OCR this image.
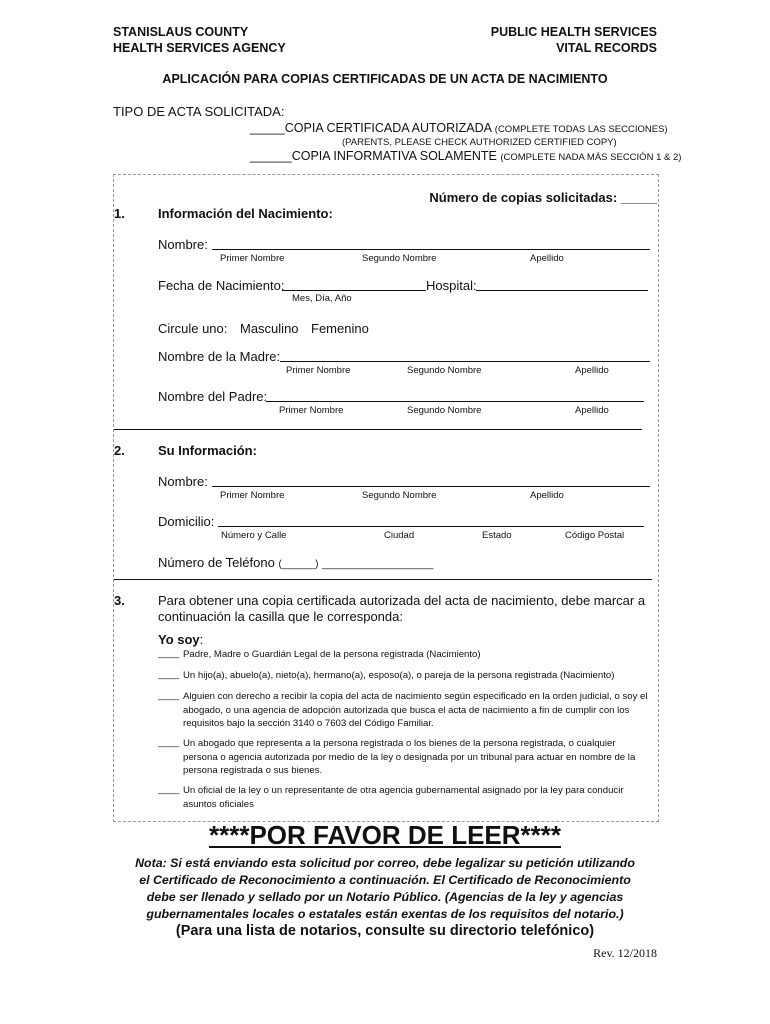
STANISLAUS COUNTY
HEALTH SERVICES AGENCY
PUBLIC HEALTH SERVICES
VITAL RECORDS
APLICACIÓN PARA COPIAS CERTIFICADAS DE UN ACTA DE NACIMIENTO
TIPO DE ACTA SOLICITADA:
_____COPIA CERTIFICADA AUTORIZADA (COMPLETE TODAS LAS SECCIONES)
(PARENTS, PLEASE CHECK AUTHORIZED CERTIFIED COPY)
______COPIA INFORMATIVA SOLAMENTE (COMPLETE NADA MÁS SECCIÓN 1 & 2)
Número de copias solicitadas: _____
1.	Información del Nacimiento:
Nombre:
Primer Nombre	Segundo Nombre	Apellido
Fecha de Nacimiento:	Hospital:
Mes, Día, Año
Circule uno: Masculino Femenino
Nombre de la Madre:
Primer Nombre	Segundo Nombre	Apellido
Nombre del Padre:
Primer Nombre	Segundo Nombre	Apellido
2.	Su Información:
Nombre:
Primer Nombre	Segundo Nombre	Apellido
Domicilio:
Número y Calle	Ciudad	Estado	Código Postal
Número de Teléfono (______) ____________________
3.	Para obtener una copia certificada autorizada del acta de nacimiento, debe marcar a
continuación la casilla que le corresponda:
Yo soy:
____ Padre, Madre o Guardián Legal de la persona registrada (Nacimiento)
____ Un hijo(a), abuelo(a), nieto(a), hermano(a), esposo(a), o pareja de la persona registrada (Nacimiento)
____ Alguien con derecho a recibir la copia del acta de nacimiento según especificado en la orden judicial, o soy el abogado, o una agencia de adopción autorizada que busca el acta de nacimiento a fin de cumplir con los requisitos bajo la sección 3140 o 7603 del Código Familiar.
____ Un abogado que representa a la persona registrada o los bienes de la persona registrada, o cualquier persona o agencia autorizada por medio de la ley o designada por un tribunal para actuar en nombre de la persona registrada o sus bienes.
____ Un oficial de la ley o un representante de otra agencia gubernamental asignado por la ley para conducir asuntos oficiales
****POR FAVOR DE LEER****
Nota: Si está enviando esta solicitud por correo, debe legalizar su petición utilizando
el Certificado de Reconocimiento a continuación. El Certificado de Reconocimiento
debe ser llenado y sellado por un Notario Público. (Agencias de la ley y agencias
gubernamentales locales o estatales están exentas de los requisitos del notario.)
(Para una lista de notarios, consulte su directorio telefónico)
Rev. 12/2018
